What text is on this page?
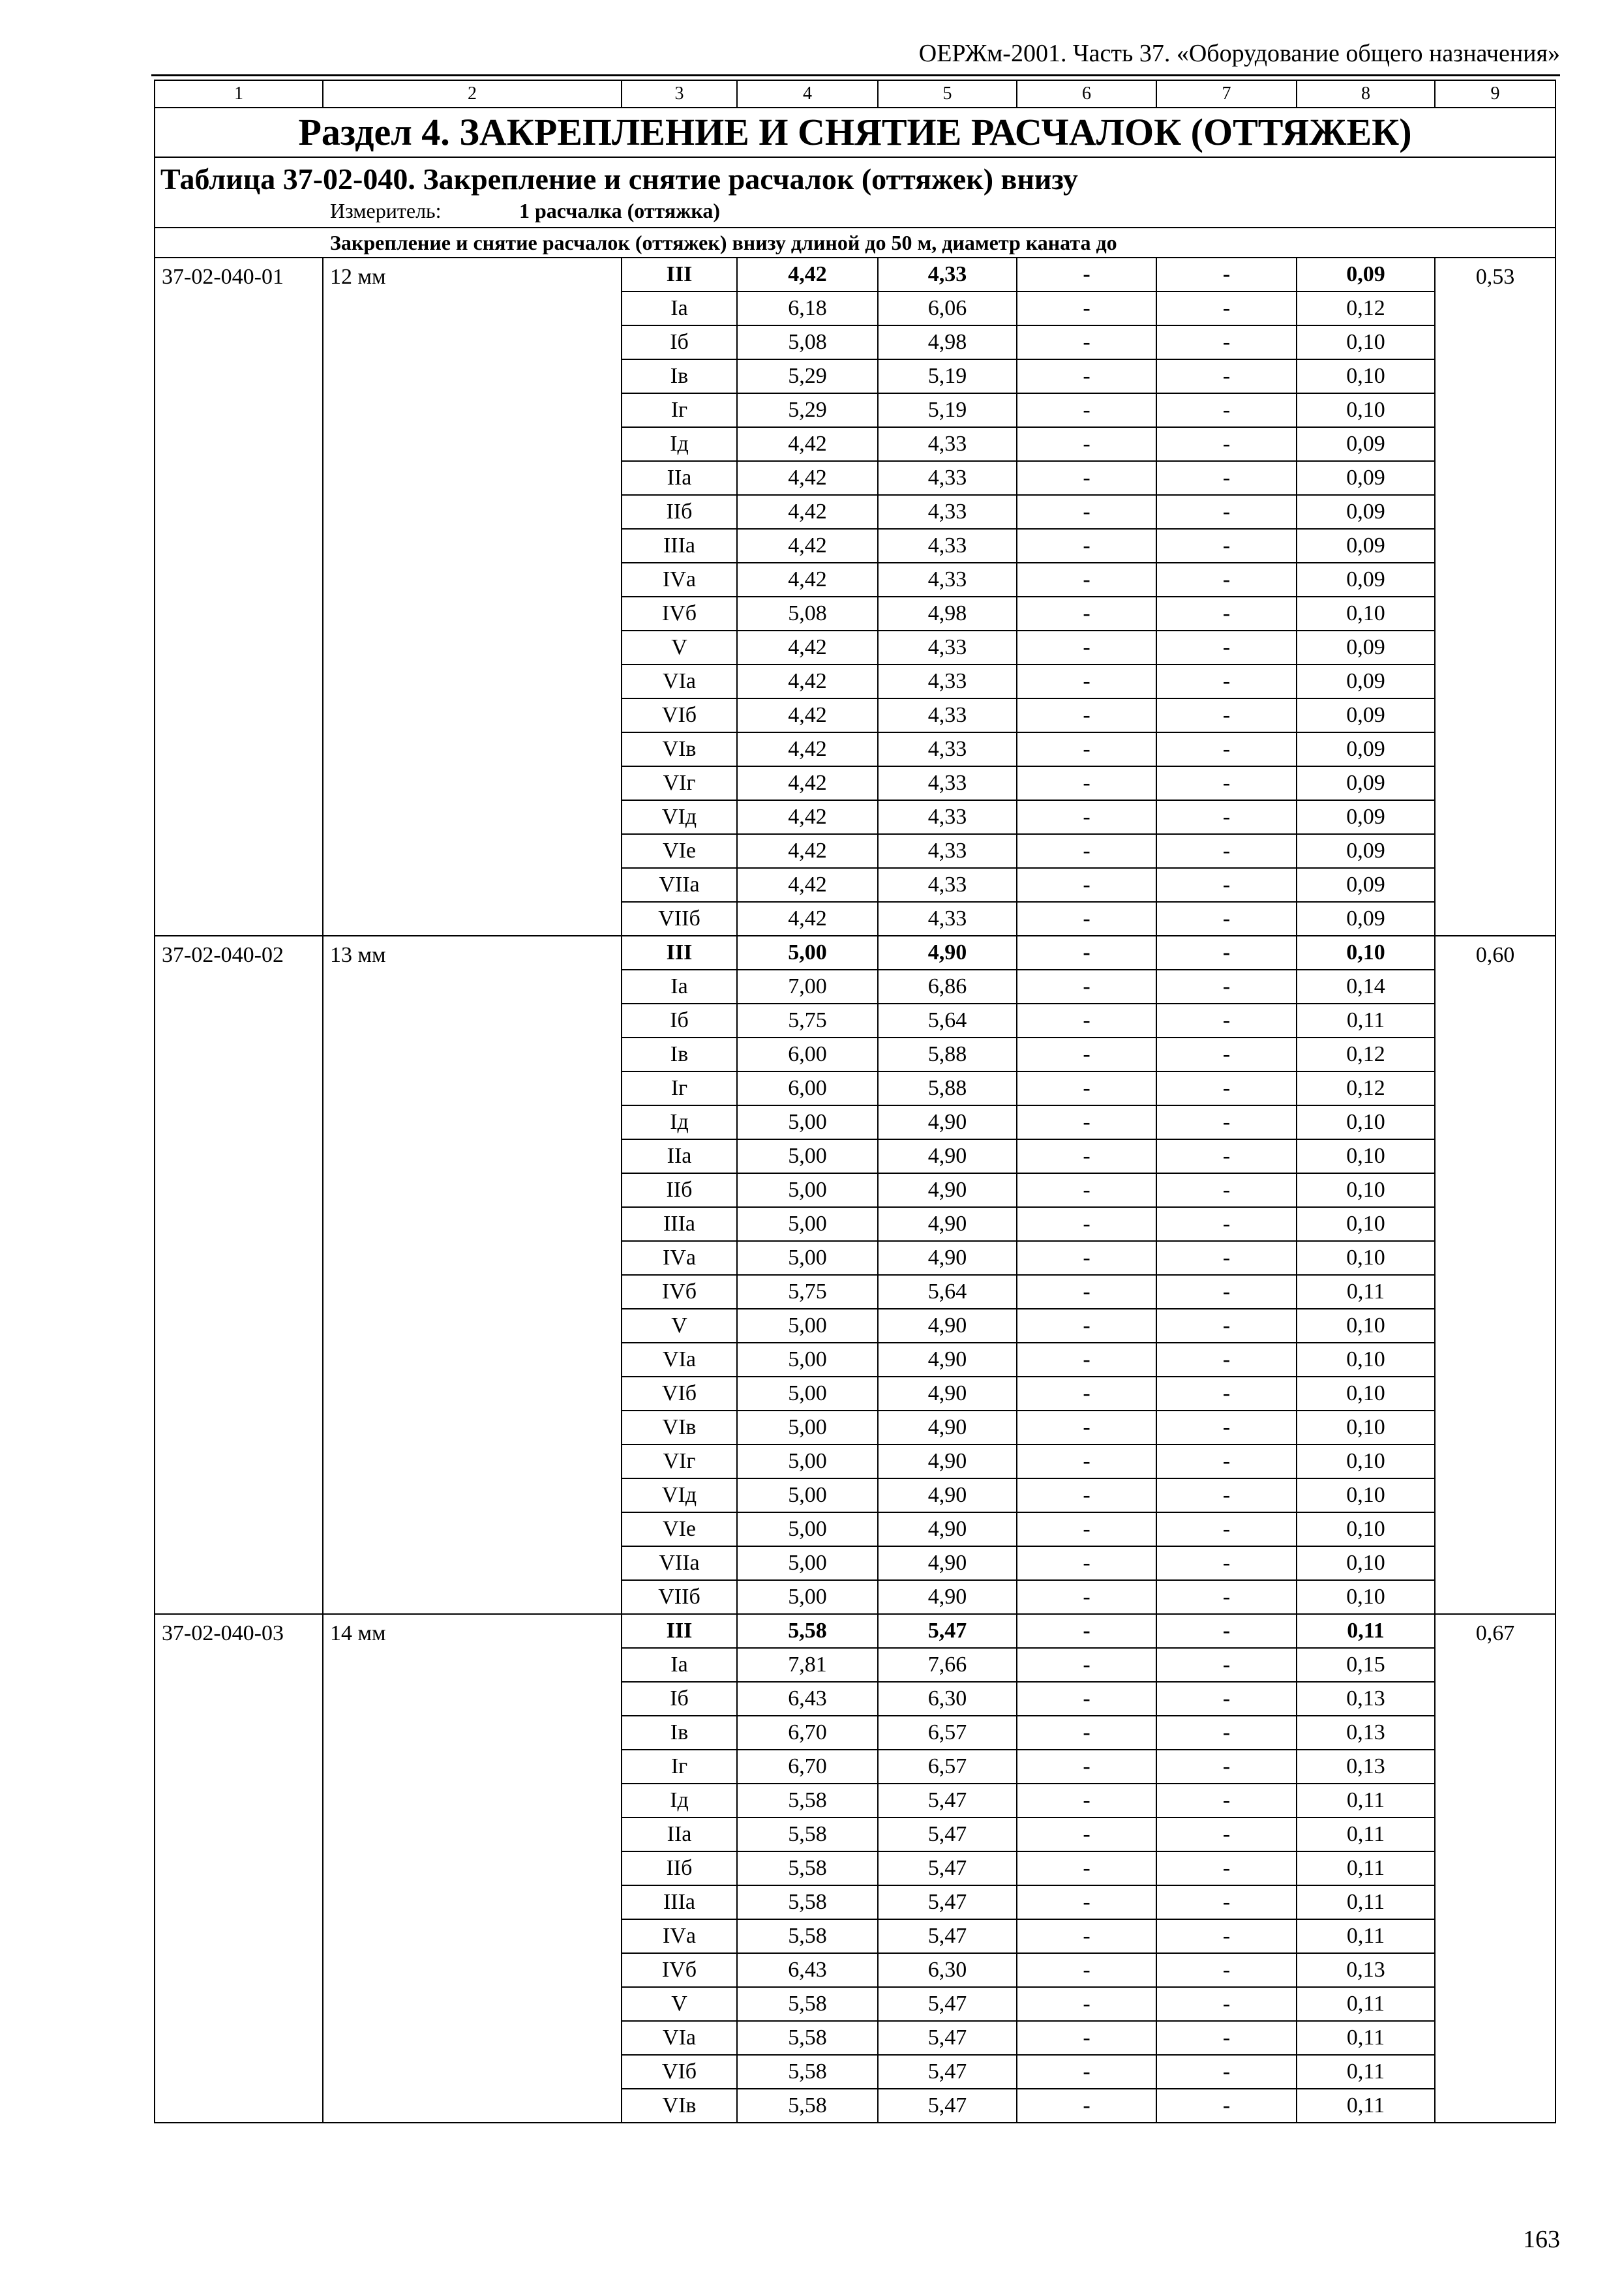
ОЕРЖм-2001. Часть 37. «Оборудование общего назначения»
1	2	3	4	5	6	7	8	9
Раздел 4. ЗАКРЕПЛЕНИЕ И СНЯТИЕ РАСЧАЛОК (ОТТЯЖЕК)								

Таблица 37-02-040. Закрепление и снятие расчалок (оттяжек) внизу
Измеритель: 1 расчалка (оттяжка)								

Закрепление и снятие расчалок (оттяжек) внизу длиной до 50 м, диаметр каната до								
37-02-040-01	12 мм	III	4,42	4,33	-	-	0,09	0,53
		Iа	6,18	6,06	-	-	0,12	
		Iб	5,08	4,98	-	-	0,10	
		Iв	5,29	5,19	-	-	0,10	
		Iг	5,29	5,19	-	-	0,10	
		Iд	4,42	4,33	-	-	0,09	
		IIа	4,42	4,33	-	-	0,09	
		IIб	4,42	4,33	-	-	0,09	
		IIIа	4,42	4,33	-	-	0,09	
		IVа	4,42	4,33	-	-	0,09	
		IVб	5,08	4,98	-	-	0,10	
		V	4,42	4,33	-	-	0,09	
		VIа	4,42	4,33	-	-	0,09	
		VIб	4,42	4,33	-	-	0,09	
		VIв	4,42	4,33	-	-	0,09	
		VIг	4,42	4,33	-	-	0,09	
		VIд	4,42	4,33	-	-	0,09	
		VIе	4,42	4,33	-	-	0,09	
		VIIа	4,42	4,33	-	-	0,09	
		VIIб	4,42	4,33	-	-	0,09	
37-02-040-02	13 мм	III	5,00	4,90	-	-	0,10	0,60
		Iа	7,00	6,86	-	-	0,14	
		Iб	5,75	5,64	-	-	0,11	
		Iв	6,00	5,88	-	-	0,12	
		Iг	6,00	5,88	-	-	0,12	
		Iд	5,00	4,90	-	-	0,10	
		IIа	5,00	4,90	-	-	0,10	
		IIб	5,00	4,90	-	-	0,10	
		IIIа	5,00	4,90	-	-	0,10	
		IVа	5,00	4,90	-	-	0,10	
		IVб	5,75	5,64	-	-	0,11	
		V	5,00	4,90	-	-	0,10	
		VIа	5,00	4,90	-	-	0,10	
		VIб	5,00	4,90	-	-	0,10	
		VIв	5,00	4,90	-	-	0,10	
		VIг	5,00	4,90	-	-	0,10	
		VIд	5,00	4,90	-	-	0,10	
		VIе	5,00	4,90	-	-	0,10	
		VIIа	5,00	4,90	-	-	0,10	
		VIIб	5,00	4,90	-	-	0,10	
37-02-040-03	14 мм	III	5,58	5,47	-	-	0,11	0,67
		Iа	7,81	7,66	-	-	0,15	
		Iб	6,43	6,30	-	-	0,13	
		Iв	6,70	6,57	-	-	0,13	
		Iг	6,70	6,57	-	-	0,13	
		Iд	5,58	5,47	-	-	0,11	
		IIа	5,58	5,47	-	-	0,11	
		IIб	5,58	5,47	-	-	0,11	
		IIIа	5,58	5,47	-	-	0,11	
		IVа	5,58	5,47	-	-	0,11	
		IVб	6,43	6,30	-	-	0,13	
		V	5,58	5,47	-	-	0,11	
		VIа	5,58	5,47	-	-	0,11	
		VIб	5,58	5,47	-	-	0,11	
		VIв	5,58	5,47	-	-	0,11	
163
